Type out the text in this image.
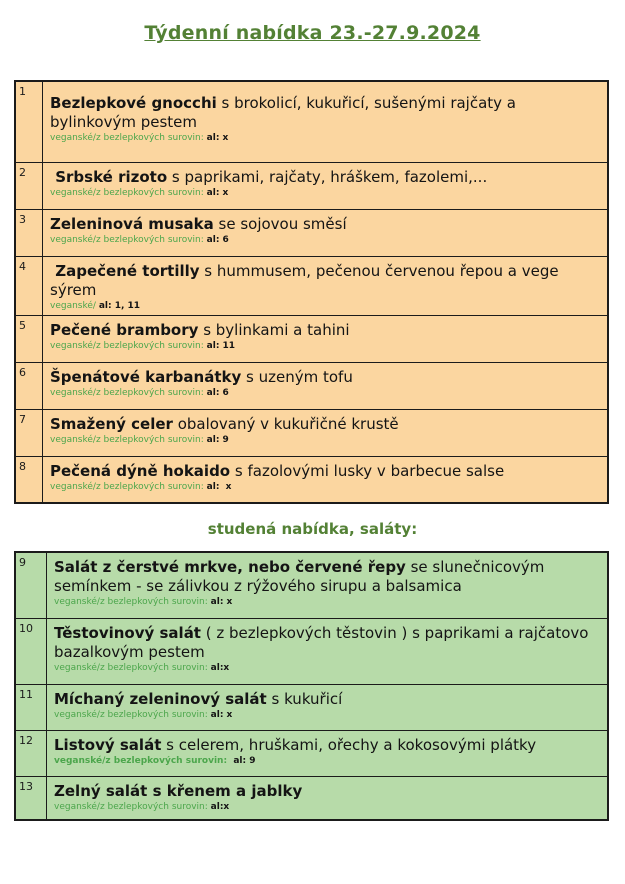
Týdenní nabídka 23.-27.9.2024
1	Bezlepkové gnocchi s brokolicí, kukuřicí, sušenými rajčaty a bylinkovým pestem
veganské/z bezlepkových surovin: al: x

2	Srbské rizoto s paprikami, rajčaty, hráškem, fazolemi,...
veganské/z bezlepkových surovin: al: x

3	Zeleninová musaka se sojovou směsí
veganské/z bezlepkových surovin: al: 6

4	Zapečené tortilly s hummusem, pečenou červenou řepou a vege sýrem
veganské/ al: 1, 11

5	Pečené brambory s bylinkami a tahini
veganské/z bezlepkových surovin: al: 11

6	Špenátové karbanátky s uzeným tofu
veganské/z bezlepkových surovin: al: 6

7	Smažený celer obalovaný v kukuřičné krustě
veganské/z bezlepkových surovin: al: 9

8	Pečená dýně hokaido s fazolovými lusky v barbecue salse
veganské/z bezlepkových surovin: al:  x
studená nabídka, saláty:
9	Salát z čerstvé mrkve, nebo červené řepy se slunečnicovým semínkem - se zálivkou z rýžového sirupu a balsamica
veganské/z bezlepkových surovin: al: x

10	Těstovinový salát ( z bezlepkových těstovin ) s paprikami a rajčatovo bazalkovým pestem
veganské/z bezlepkových surovin: al:x

11	Míchaný zeleninový salát s kukuřicí
veganské/z bezlepkových surovin: al: x

12	Listový salát s celerem, hruškami, ořechy a kokosovými plátky
veganské/z bezlepkových surovin:  al: 9

13	Zelný salát s křenem a jablky
veganské/z bezlepkových surovin: al:x
